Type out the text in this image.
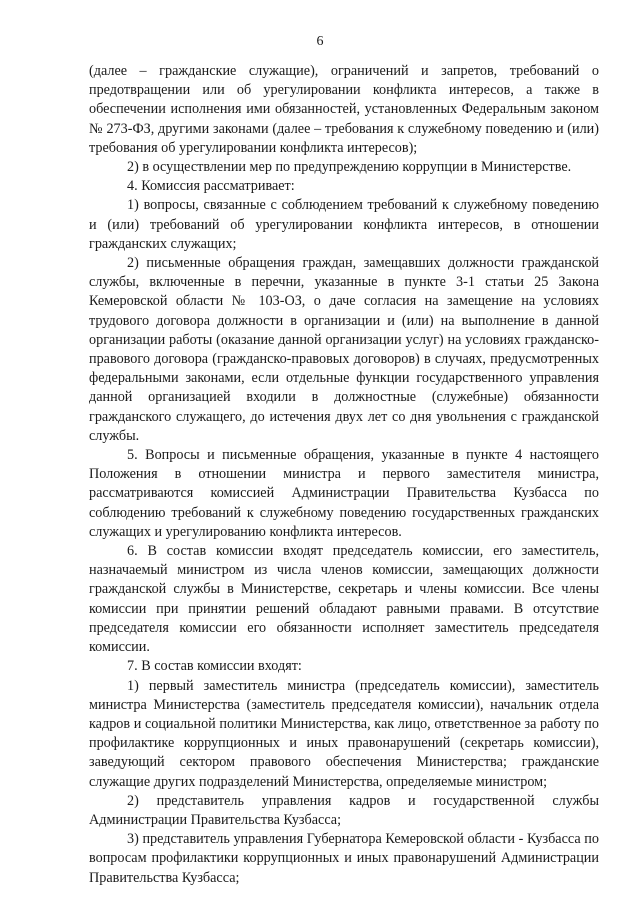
6

(далее – гражданские служащие), ограничений и запретов, требований о предотвращении или об урегулировании конфликта интересов, а также в обеспечении исполнения ими обязанностей, установленных Федеральным законом № 273-ФЗ, другими законами (далее – требования к служебному поведению и (или) требования об урегулировании конфликта интересов);

2) в осуществлении мер по предупреждению коррупции в Министерстве.

4. Комиссия рассматривает:

1) вопросы, связанные с соблюдением требований к служебному поведению и (или) требований об урегулировании конфликта интересов, в отношении гражданских служащих;

2) письменные обращения граждан, замещавших должности гражданской службы, включенные в перечни, указанные в пункте 3-1 статьи 25 Закона Кемеровской области № 103-ОЗ, о даче согласия на замещение на условиях трудового договора должности в организации и (или) на выполнение в данной организации работы (оказание данной организации услуг) на условиях гражданско-правового договора (гражданско-правовых договоров) в случаях, предусмотренных федеральными законами, если отдельные функции государственного управления данной организацией входили в должностные (служебные) обязанности гражданского служащего, до истечения двух лет со дня увольнения с гражданской службы.

5. Вопросы и письменные обращения, указанные в пункте 4 настоящего Положения в отношении министра и первого заместителя министра, рассматриваются комиссией Администрации Правительства Кузбасса по соблюдению требований к служебному поведению государственных гражданских служащих и урегулированию конфликта интересов.

6. В состав комиссии входят председатель комиссии, его заместитель, назначаемый министром из числа членов комиссии, замещающих должности гражданской службы в Министерстве, секретарь и члены комиссии. Все члены комиссии при принятии решений обладают равными правами. В отсутствие председателя комиссии его обязанности исполняет заместитель председателя комиссии.

7. В состав комиссии входят:

1) первый заместитель министра (председатель комиссии), заместитель министра Министерства (заместитель председателя комиссии), начальник отдела кадров и социальной политики Министерства, как лицо, ответственное за работу по профилактике коррупционных и иных правонарушений (секретарь комиссии), заведующий сектором правового обеспечения Министерства; гражданские служащие других подразделений Министерства, определяемые министром;

2) представитель управления кадров и государственной службы Администрации Правительства Кузбасса;

3) представитель управления Губернатора Кемеровской области - Кузбасса по вопросам профилактики коррупционных и иных правонарушений Администрации Правительства Кузбасса;
